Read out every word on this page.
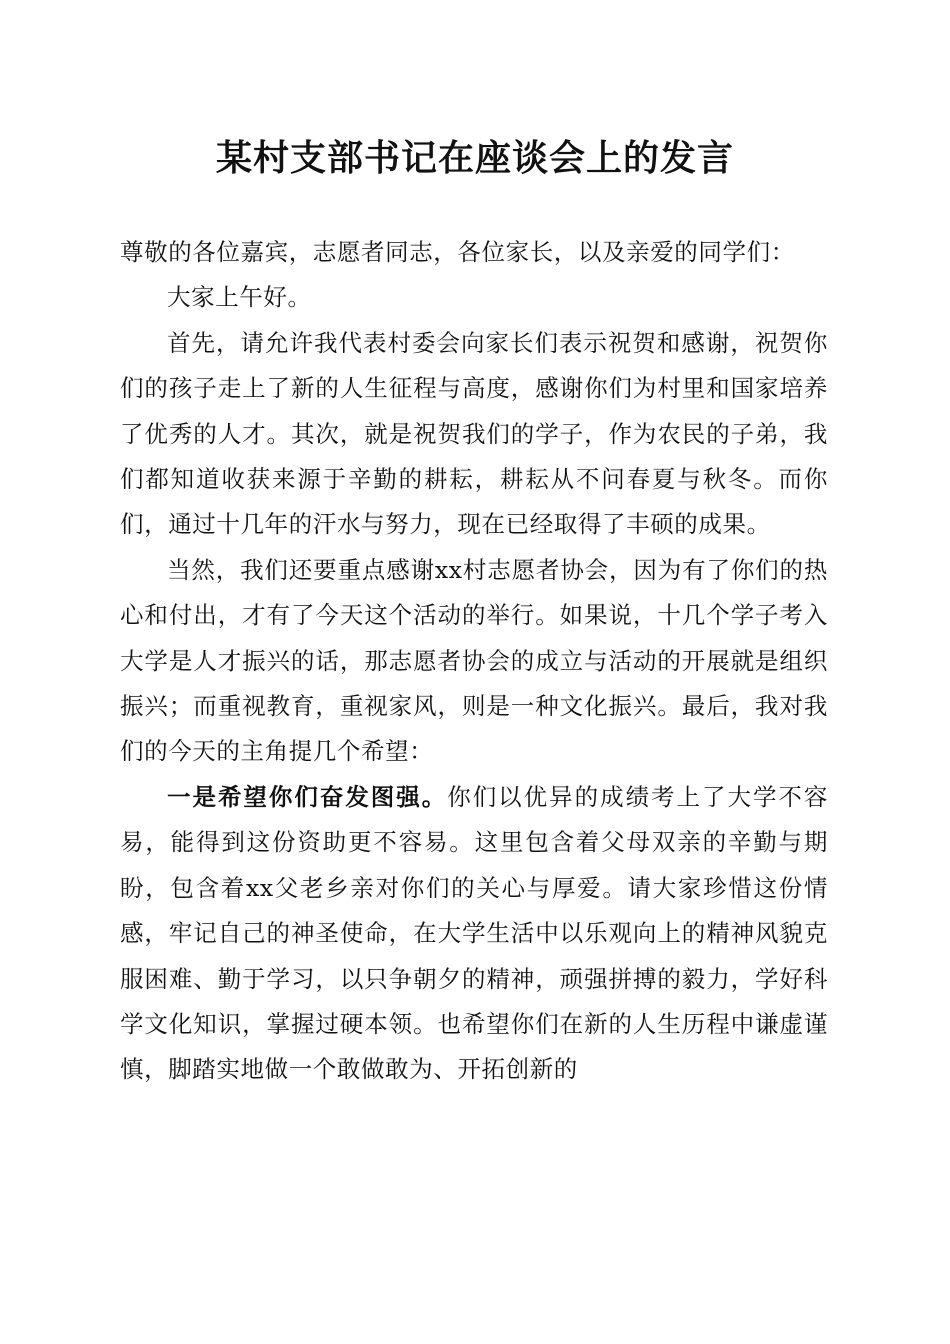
某村支部书记在座谈会上的发言

尊敬的各位嘉宾，志愿者同志，各位家长，以及亲爱的同学们：

大家上午好。

首先，请允许我代表村委会向家长们表示祝贺和感谢，祝贺你们的孩子走上了新的人生征程与高度，感谢你们为村里和国家培养了优秀的人才。其次，就是祝贺我们的学子，作为农民的子弟，我们都知道收获来源于辛勤的耕耘，耕耘从不问春夏与秋冬。而你们，通过十几年的汗水与努力，现在已经取得了丰硕的成果。

当然，我们还要重点感谢xx村志愿者协会，因为有了你们的热心和付出，才有了今天这个活动的举行。如果说，十几个学子考入大学是人才振兴的话，那志愿者协会的成立与活动的开展就是组织振兴；而重视教育，重视家风，则是一种文化振兴。最后，我对我们的今天的主角提几个希望：

一是希望你们奋发图强。你们以优异的成绩考上了大学不容易，能得到这份资助更不容易。这里包含着父母双亲的辛勤与期盼，包含着xx父老乡亲对你们的关心与厚爱。请大家珍惜这份情感，牢记自己的神圣使命，在大学生活中以乐观向上的精神风貌克服困难、勤于学习，以只争朝夕的精神，顽强拼搏的毅力，学好科学文化知识，掌握过硬本领。也希望你们在新的人生历程中谦虚谨慎，脚踏实地做一个敢做敢为、开拓创新的
